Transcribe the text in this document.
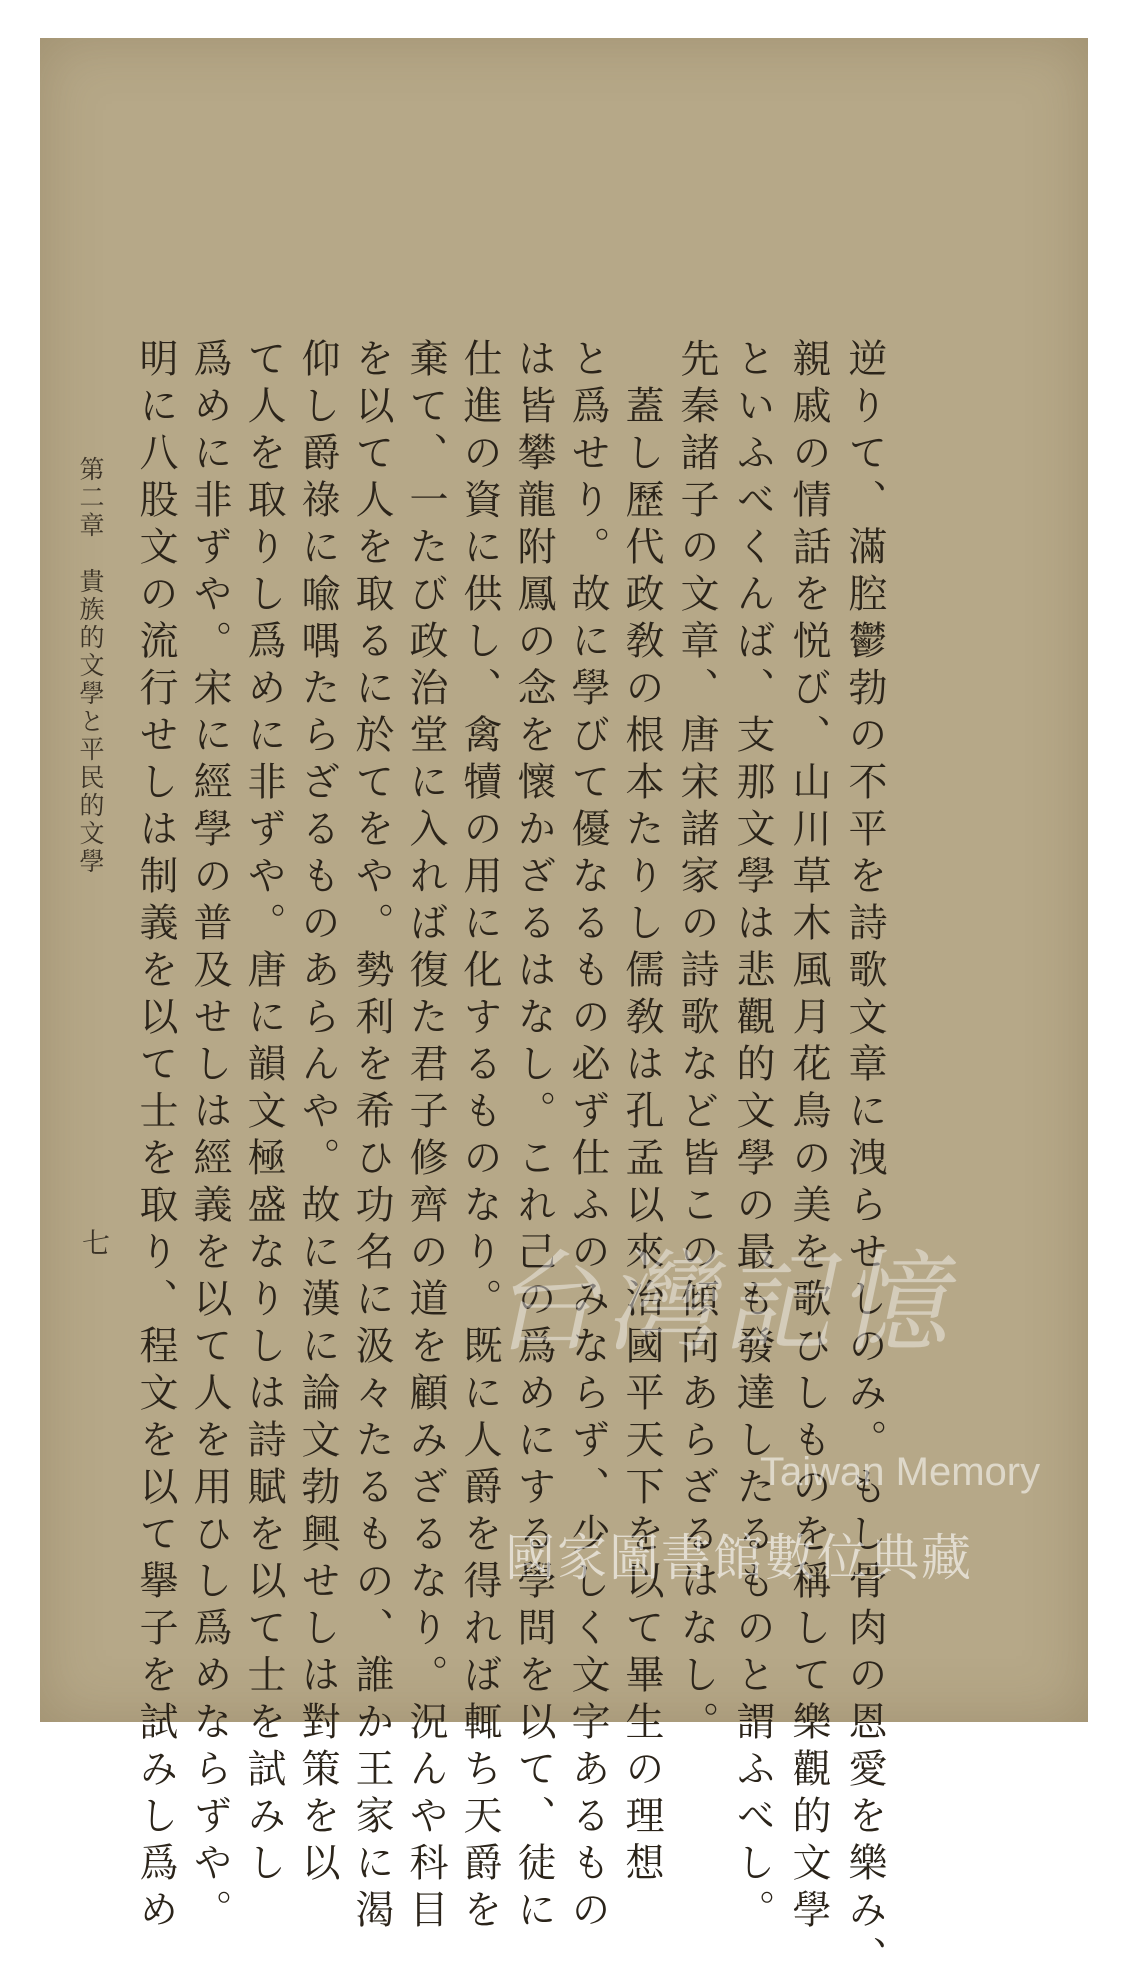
逆りて、滿腔鬱勃の不平を詩歌文章に洩らせしのみ。もし骨肉の恩愛を樂み、
親戚の情話を悦び、山川草木風月花鳥の美を歌ひしものを稱して樂觀的文學
といふべくんば、支那文學は悲觀的文學の最も發達したるものと謂ふべし。
先秦諸子の文章、唐宋諸家の詩歌など皆この傾向あらざるはなし。
　蓋し歷代政敎の根本たりし儒敎は孔孟以來治國平天下を以て畢生の理想
と爲せり。故に學びて優なるもの必ず仕ふのみならず、少しく文字あるもの
は皆攀龍附鳳の念を懷かざるはなし。これ己の爲めにする學問を以て、徒に
仕進の資に供し、禽犢の用に化するものなり。既に人爵を得れば輒ち天爵を
棄て、一たび政治堂に入れば復た君子修齊の道を顧みざるなり。況んや科目
を以て人を取るに於てをや。勢利を希ひ功名に汲々たるもの、誰か王家に渴
仰し爵祿に喩喁たらざるものあらんや。故に漢に論文勃興せしは對策を以
て人を取りし爲めに非ずや。唐に韻文極盛なりしは詩賦を以て士を試みし
爲めに非ずや。宋に經學の普及せしは經義を以て人を用ひし爲めならずや。
明に八股文の流行せしは制義を以て士を取り、程文を以て擧子を試みし爲め
第二章　貴族的文學と平民的文學
七	台灣記憶
Taiwan Memory
國家圖書館數位典藏
